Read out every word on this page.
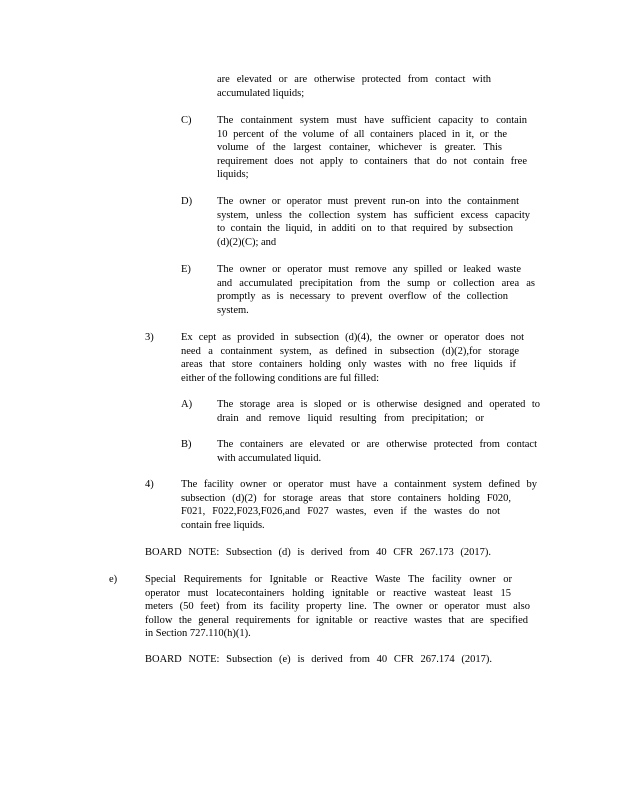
are elevated or are otherwise protected from contact with
accumulated liquids;
C) The containment system must have sufficient capacity to contain
10 percent of the volume of all containers placed in it, or the
volume of the largest container, whichever is greater. This
requirement does not apply to containers that do not contain free
liquids;
D) The owner or operator must prevent run-on into the containment
system, unless the collection system has sufficient excess capacity
to contain the liquid, in additi on to that required by subsection
(d)(2)(C); and
E) The owner or operator must remove any spilled or leaked waste
and accumulated precipitation from the sump or collection area as
promptly as is necessary to prevent overflow of the collection
system.
3)	Ex cept as provided in subsection (d)(4), the owner or operator does not
need a containment system, as defined in subsection (d)(2),for storage
areas that store containers holding only wastes with no free liquids if
either of the following conditions are ful filled:
A) The storage area is sloped or is otherwise designed and operated to
drain and remove liquid resulting from precipitation; or
B) The containers are elevated or are otherwise protected from contact
with accumulated liquid.
4)	The facility owner or operator must have a containment system defined by
subsection (d)(2) for storage areas that store containers holding F020,
F021, F022,F023,F026,and F027 wastes, even if the wastes do not
contain free liquids.
BOARD NOTE: Subsection (d) is derived from 40 CFR 267.173 (2017).
e)	Special Requirements for Ignitable or Reactive Waste The facility owner or
operator must locatecontainers holding ignitable or reactive wasteat least 15
meters (50 feet) from its facility property line. The owner or operator must also
follow the general requirements for ignitable or reactive wastes that are specified
in Section 727.110(h)(1).
BOARD NOTE: Subsection (e) is derived from 40 CFR 267.174 (2017).
